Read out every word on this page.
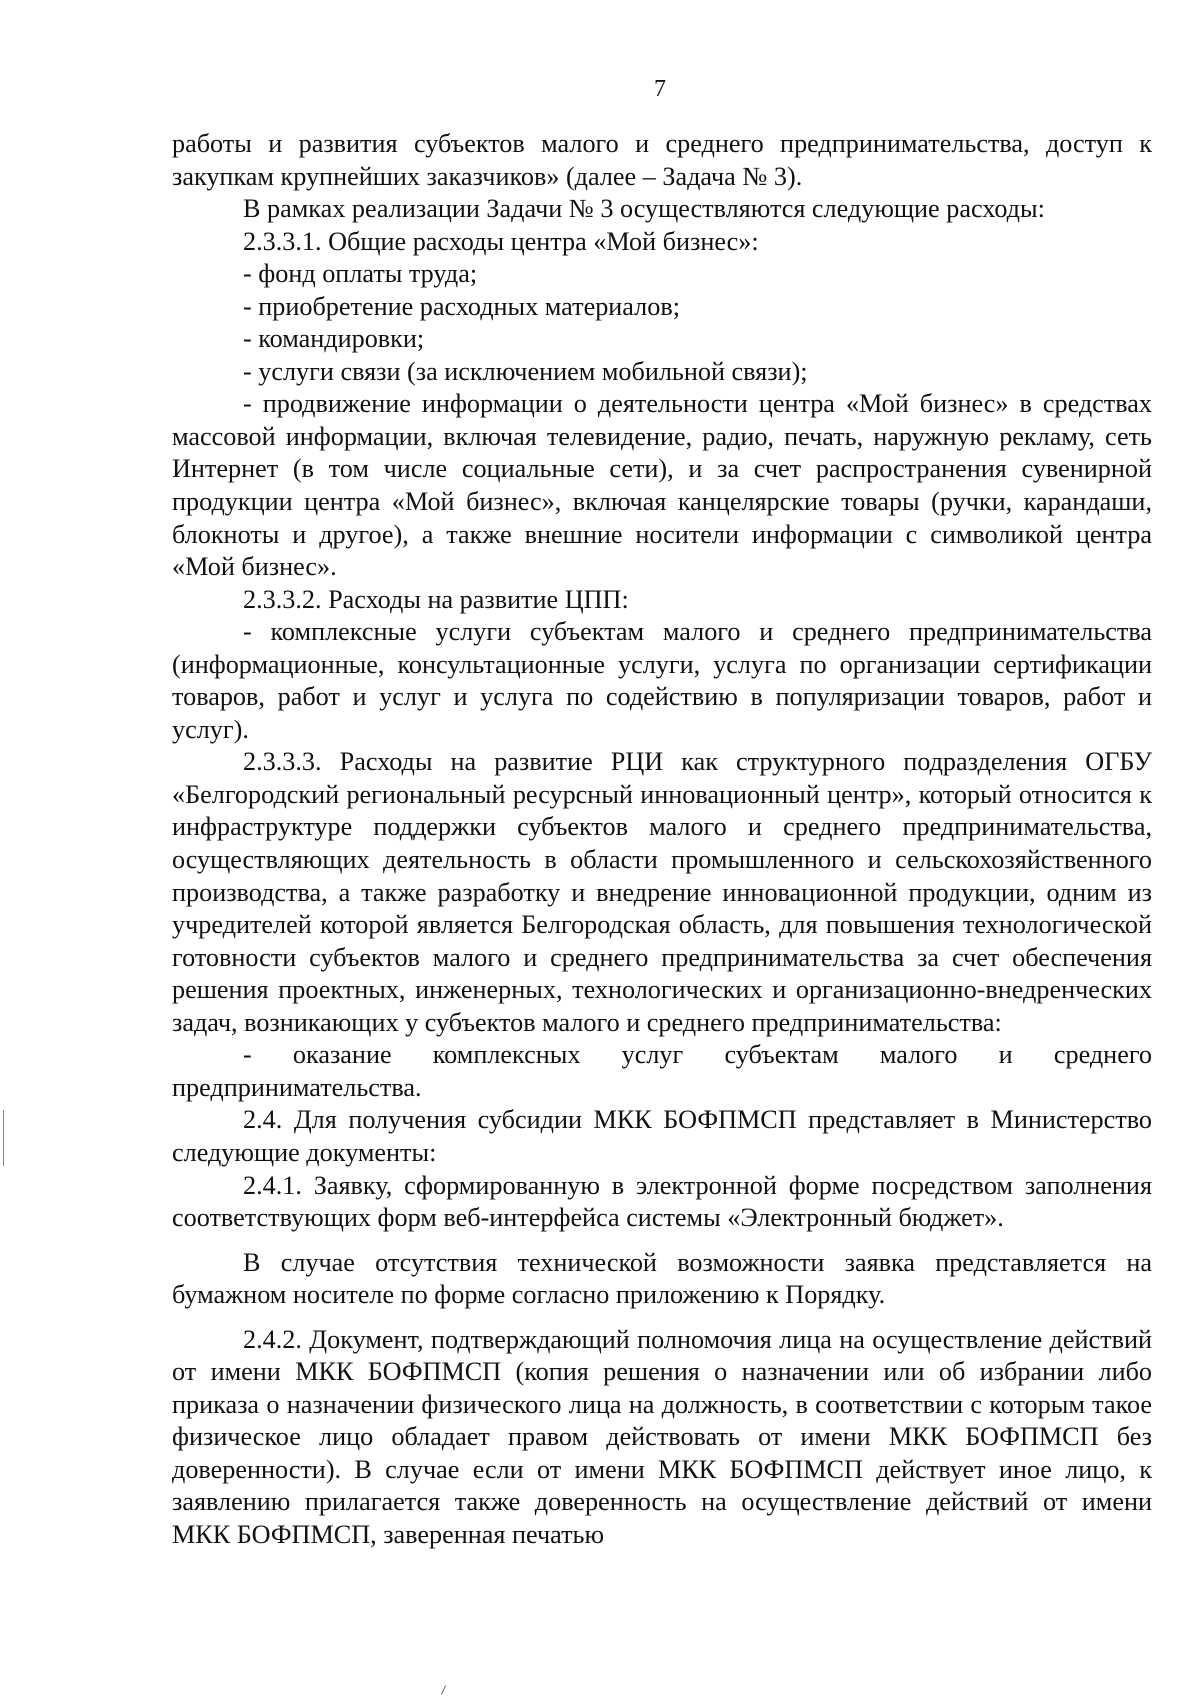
7

работы и развития субъектов малого и среднего предпринимательства, доступ к закупкам крупнейших заказчиков» (далее – Задача № 3).

В рамках реализации Задачи № 3 осуществляются следующие расходы:

2.3.3.1. Общие расходы центра «Мой бизнес»:

- фонд оплаты труда;

- приобретение расходных материалов;

- командировки;

- услуги связи (за исключением мобильной связи);

- продвижение информации о деятельности центра «Мой бизнес» в средствах массовой информации, включая телевидение, радио, печать, наружную рекламу, сеть Интернет (в том числе социальные сети), и за счет распространения сувенирной продукции центра «Мой бизнес», включая канцелярские товары (ручки, карандаши, блокноты и другое), а также внешние носители информации с символикой центра «Мой бизнес».

2.3.3.2. Расходы на развитие ЦПП:

- комплексные услуги субъектам малого и среднего предпринимательства (информационные, консультационные услуги, услуга по организации сертификации товаров, работ и услуг и услуга по содействию в популяризации товаров, работ и услуг).

2.3.3.3. Расходы на развитие РЦИ как структурного подразделения ОГБУ «Белгородский региональный ресурсный инновационный центр», который относится к инфраструктуре поддержки субъектов малого и среднего предпринимательства, осуществляющих деятельность в области промышленного и сельскохозяйственного производства, а также разработку и внедрение инновационной продукции, одним из учредителей которой является Белгородская область, для повышения технологической готовности субъектов малого и среднего предпринимательства за счет обеспечения решения проектных, инженерных, технологических и организационно-внедренческих задач, возникающих у субъектов малого и среднего предпринимательства:

- оказание комплексных услуг субъектам малого и среднего предпринимательства.

2.4. Для получения субсидии МКК БОФПМСП представляет в Министерство следующие документы:

2.4.1. Заявку, сформированную в электронной форме посредством заполнения соответствующих форм веб-интерфейса системы «Электронный бюджет».

В случае отсутствия технической возможности заявка представляется на бумажном носителе по форме согласно приложению к Порядку.

2.4.2. Документ, подтверждающий полномочия лица на осуществление действий от имени МКК БОФПМСП (копия решения о назначении или об избрании либо приказа о назначении физического лица на должность, в соответствии с которым такое физическое лицо обладает правом действовать от имени МКК БОФПМСП без доверенности). В случае если от имени МКК БОФПМСП действует иное лицо, к заявлению прилагается также доверенность на осуществление действий от имени МКК БОФПМСП, заверенная печатью
